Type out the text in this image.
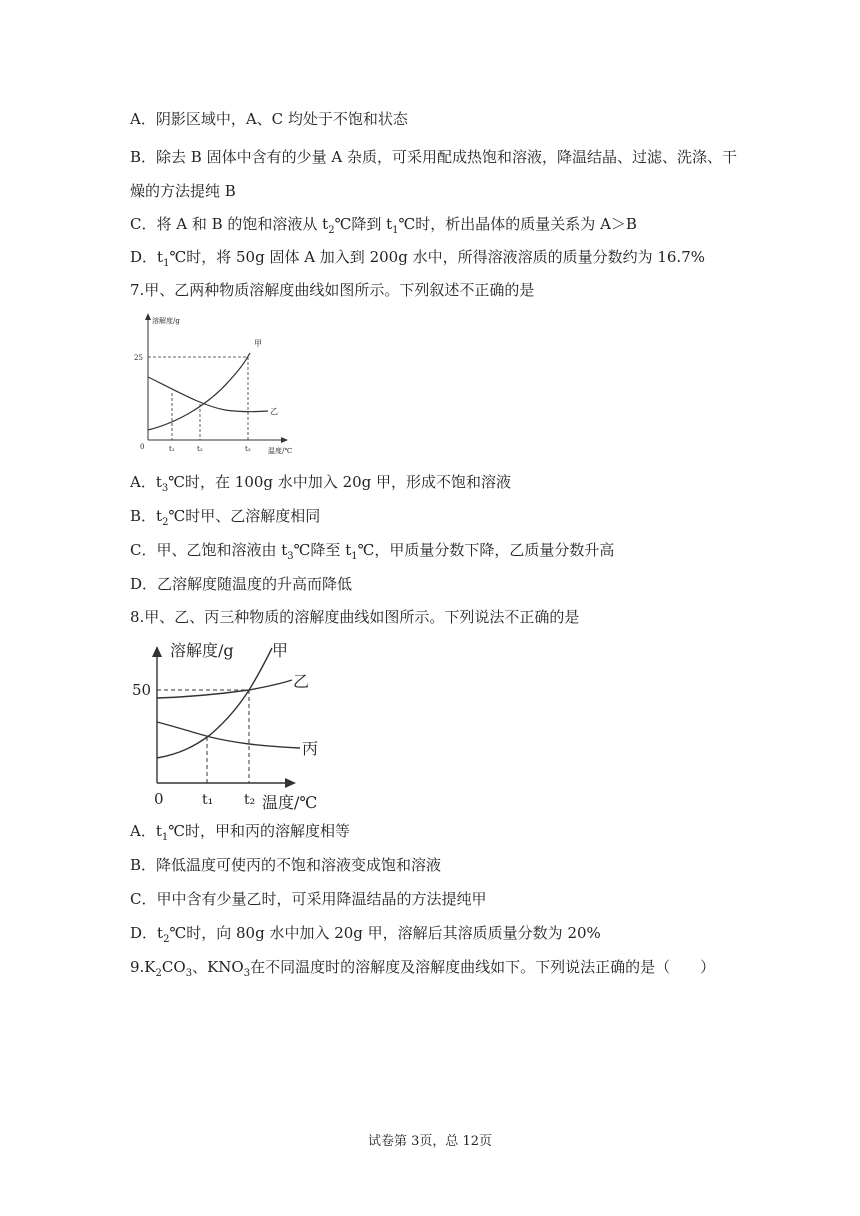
A．阴影区域中，A、C 均处于不饱和状态
B．除去 B 固体中含有的少量 A 杂质，可采用配成热饱和溶液，降温结晶、过滤、洗涤、干
燥的方法提纯 B
C．将 A 和 B 的饱和溶液从 $t_2℃$降到 $t_1℃$时，析出晶体的质量关系为 A＞B
D．$t_1℃$时，将 50g 固体 A 加入到 200g 水中，所得溶液溶质的质量分数约为 16.7%
7.甲、乙两种物质溶解度曲线如图所示。下列叙述不正确的是
溶解度/g
25
0	t₁	t₂	t₃ 温度/℃
甲
乙
A．$t_3℃$时，在 100g 水中加入 20g 甲，形成不饱和溶液
B．$t_2℃$时甲、乙溶解度相同
C．甲、乙饱和溶液由 $t_3℃$降至 $t_1℃$，甲质量分数下降，乙质量分数升高
D．乙溶解度随温度的升高而降低
8.甲、乙、丙三种物质的溶解度曲线如图所示。下列说法不正确的是
溶解度/g
50
0	t₁ t₂ 温度/℃
甲
乙
丙
A．$t_1℃$时，甲和丙的溶解度相等
B．降低温度可使丙的不饱和溶液变成饱和溶液
C．甲中含有少量乙时，可采用降温结晶的方法提纯甲
D．$t_2℃$时，向 80g 水中加入 20g 甲，溶解后其溶质质量分数为 20%
$9.K_2CO_3$、$KNO_3$在不同温度时的溶解度及溶解度曲线如下。下列说法正确的是（　　）
试卷第 3页，总 12页
